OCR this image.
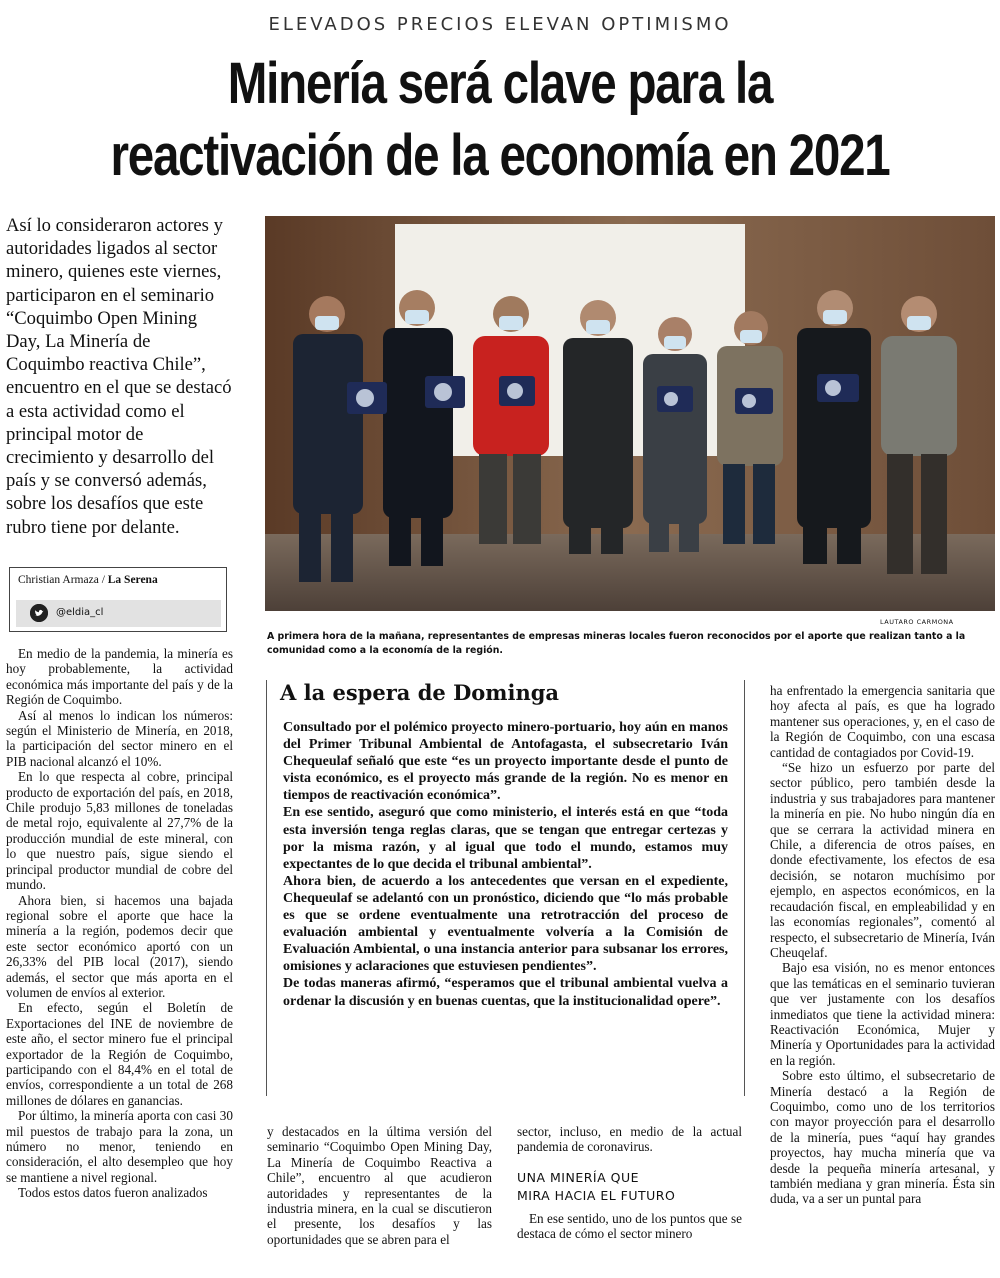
ELEVADOS PRECIOS ELEVAN OPTIMISMO
Minería será clave para la
reactivación de la economía en 2021
Así lo consideraron actores y autoridades ligados al sector minero, quienes este viernes, participaron en el seminario “Coquimbo Open Mining Day, La Minería de Coquimbo reactiva Chile”, encuentro en el que se destacó a esta actividad como el principal motor de crecimiento y desarrollo del país y se conversó además, sobre los desafíos que este rubro tiene por delante.
Christian Armaza / La Serena
@eldia_cl
LAUTARO CARMONA
A primera hora de la mañana, representantes de empresas mineras locales fueron reconocidos por el aporte que realizan tanto a la comunidad como a la economía de la región.

En medio de la pandemia, la minería es hoy probablemente, la actividad económica más importante del país y de la Región de Coquimbo.

Así al menos lo indican los números: según el Ministerio de Minería, en 2018, la participación del sector minero en el PIB nacional alcanzó el 10%.

En lo que respecta al cobre, principal producto de exportación del país, en 2018, Chile produjo 5,83 millones de toneladas de metal rojo, equivalente al 27,7% de la producción mundial de este mineral, con lo que nuestro país, sigue siendo el principal productor mundial de cobre del mundo.

Ahora bien, si hacemos una bajada regional sobre el aporte que hace la minería a la región, podemos decir que este sector económico aportó con un 26,33% del PIB local (2017), siendo además, el sector que más aporta en el volumen de envíos al exterior.

En efecto, según el Boletín de Exportaciones del INE de noviembre de este año, el sector minero fue el principal exportador de la Región de Coquimbo, participando con el 84,4% en el total de envíos, correspondiente a un total de 268 millones de dólares en ganancias.

Por último, la minería aporta con casi 30 mil puestos de trabajo para la zona, un número no menor, teniendo en consideración, el alto desempleo que hoy se mantiene a nivel regional.

Todos estos datos fueron analizados

A la espera de Dominga

Consultado por el polémico proyecto minero-portuario, hoy aún en manos del Primer Tribunal Ambiental de Antofagasta, el subsecretario Iván Chequeulaf señaló que este “es un proyecto importante desde el punto de vista económico, es el proyecto más grande de la región. No es menor en tiempos de reactivación económica”.

En ese sentido, aseguró que como ministerio, el interés está en que “toda esta inversión tenga reglas claras, que se tengan que entregar certezas y por la misma razón, y al igual que todo el mundo, estamos muy expectantes de lo que decida el tribunal ambiental”.

Ahora bien, de acuerdo a los antecedentes que versan en el expediente, Chequeulaf se adelantó con un pronóstico, diciendo que “lo más probable es que se ordene eventualmente una retrotracción del proceso de evaluación ambiental y eventualmente volvería a la Comisión de Evaluación Ambiental, o una instancia anterior para subsanar los errores, omisiones y aclaraciones que estuviesen pendientes”.

De todas maneras afirmó, “esperamos que el tribunal ambiental vuelva a ordenar la discusión y en buenas cuentas, que la institucionalidad opere”.

y destacados en la última versión del seminario “Coquimbo Open Mining Day, La Minería de Coquimbo Reactiva a Chile”, encuentro al que acudieron autoridades y representantes de la industria minera, en la cual se discutieron el presente, los desafíos y las oportunidades que se abren para el

sector, incluso, en medio de la actual pandemia de coronavirus.

UNA MINERÍA QUE
MIRA HACIA EL FUTURO

En ese sentido, uno de los puntos que se destaca de cómo el sector minero

ha enfrentado la emergencia sanitaria que hoy afecta al país, es que ha logrado mantener sus operaciones, y, en el caso de la Región de Coquimbo, con una escasa cantidad de contagiados por Covid-19.

“Se hizo un esfuerzo por parte del sector público, pero también desde la industria y sus trabajadores para mantener la minería en pie. No hubo ningún día en que se cerrara la actividad minera en Chile, a diferencia de otros países, en donde efectivamente, los efectos de esa decisión, se notaron muchísimo por ejemplo, en aspectos económicos, en la recaudación fiscal, en empleabilidad y en las economías regionales”, comentó al respecto, el subsecretario de Minería, Iván Cheuqelaf.

Bajo esa visión, no es menor entonces que las temáticas en el seminario tuvieran que ver justamente con los desafíos inmediatos que tiene la actividad minera: Reactivación Económica, Mujer y Minería y Oportunidades para la actividad en la región.

Sobre esto último, el subsecretario de Minería destacó a la Región de Coquimbo, como uno de los territorios con mayor proyección para el desarrollo de la minería, pues “aquí hay grandes proyectos, hay mucha minería que va desde la pequeña minería artesanal, y también mediana y gran minería. Ésta sin duda, va a ser un puntal para
